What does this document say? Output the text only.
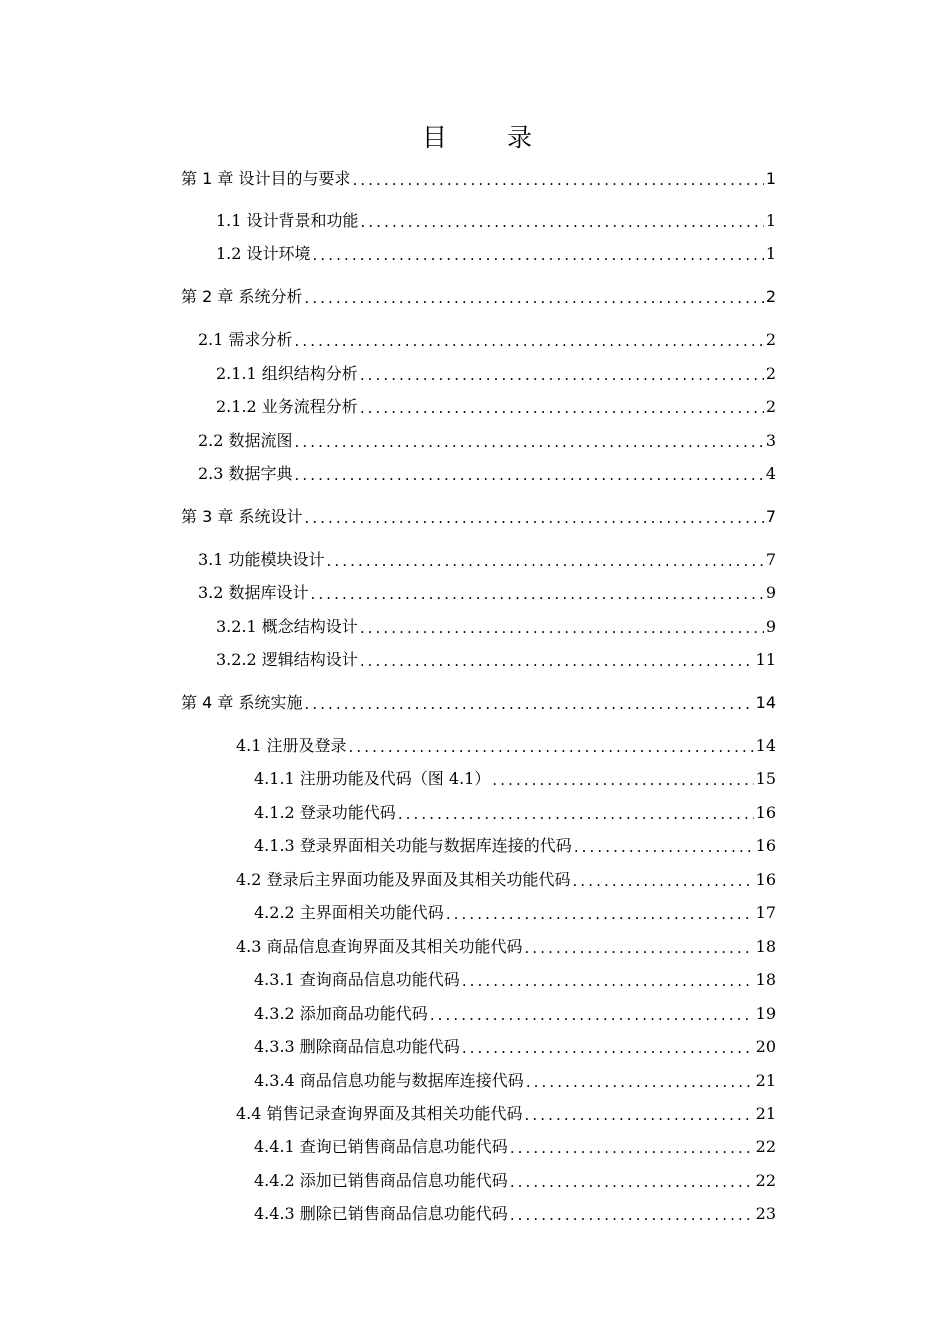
目 录
第 1 章 设计目的与要求 .....	1
1.1 设计背景和功能 .....	1
1.2 设计环境 .....	1
第 2 章 系统分析 .....	2
2.1 需求分析 .....	2
2.1.1 组织结构分析 .....	2
2.1.2 业务流程分析 .....	2
2.2 数据流图 .....	3
2.3 数据字典 .....	4
第 3 章 系统设计 .....	7
3.1 功能模块设计 .....	7
3.2 数据库设计 .....	9
3.2.1 概念结构设计 .....	9
3.2.2 逻辑结构设计 .....	11
第 4 章 系统实施 .....	14
4.1 注册及登录 .....	14
4.1.1 注册功能及代码（图 4.1） .....	15
4.1.2 登录功能代码 .....	16
4.1.3 登录界面相关功能与数据库连接的代码 .....	16
4.2 登录后主界面功能及界面及其相关功能代码 .....	16
4.2.2 主界面相关功能代码 .....	17
4.3 商品信息查询界面及其相关功能代码 .....	18
4.3.1 查询商品信息功能代码 .....	18
4.3.2 添加商品功能代码 .....	19
4.3.3 删除商品信息功能代码 .....	20
4.3.4 商品信息功能与数据库连接代码 .....	21
4.4 销售记录查询界面及其相关功能代码 .....	21
4.4.1 查询已销售商品信息功能代码 .....	22
4.4.2 添加已销售商品信息功能代码 .....	22
4.4.3 删除已销售商品信息功能代码 .....	23
